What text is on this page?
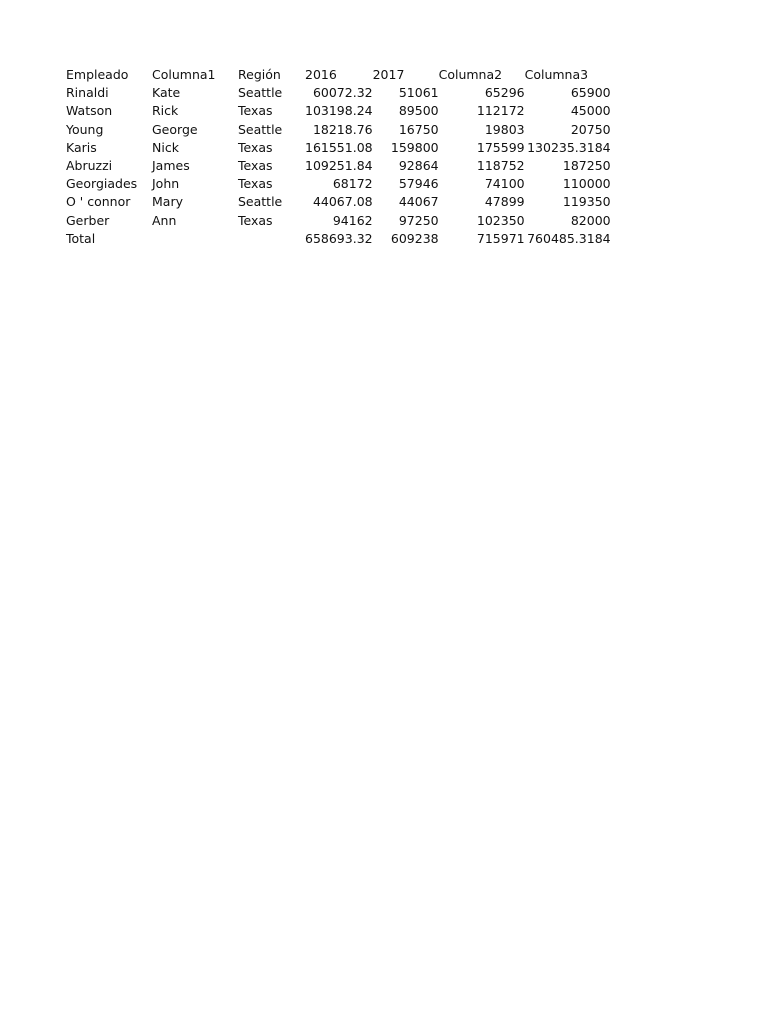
Empleado	Columna1	Región	2016	2017	Columna2	Columna3
Rinaldi	Kate	Seattle	60072.32	51061	65296	65900
Watson	Rick	Texas	103198.24	89500	112172	45000
Young	George	Seattle	18218.76	16750	19803	20750
Karis	Nick	Texas	161551.08	159800	175599	130235.3184
Abruzzi	James	Texas	109251.84	92864	118752	187250
Georgiades	John	Texas	68172	57946	74100	110000
O ' connor	Mary	Seattle	44067.08	44067	47899	119350
Gerber	Ann	Texas	94162	97250	102350	82000
Total			658693.32	609238	715971	760485.3184
